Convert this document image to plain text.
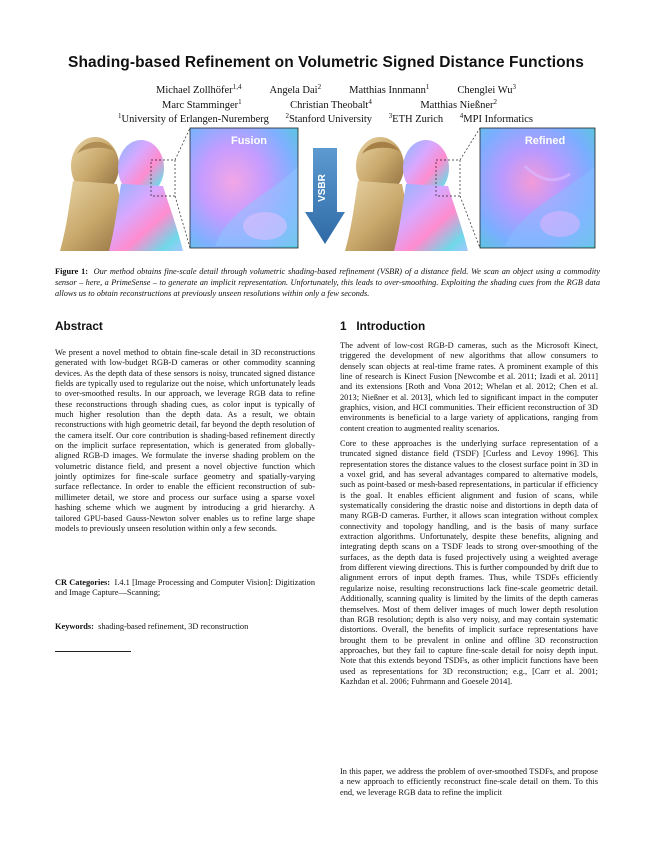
Shading-based Refinement on Volumetric Signed Distance Functions
Michael Zollhöfer$^{1,4}$	Angela Dai$^2$	Matthias Innmann$^1$	Chenglei Wu$^3$
Marc Stamminger$^1$	Christian Theobalt$^4$	Matthias Nießner$^2$
$^1$University of Erlangen-Nuremberg $^2$Stanford University $^3$ETH Zurich $^4$MPI Informatics
Fusion
VSBR
Refined
Figure 1: Our method obtains fine-scale detail through volumetric shading-based refinement (VSBR) of a distance field. We scan an object using a commodity sensor – here, a PrimeSense – to generate an implicit representation. Unfortunately, this leads to over-smoothing. Exploiting the shading cues from the RGB data allows us to obtain reconstructions at previously unseen resolutions within only a few seconds.
Abstract
We present a novel method to obtain fine-scale detail in 3D reconstructions generated with low-budget RGB-D cameras or other commodity scanning devices. As the depth data of these sensors is noisy, truncated signed distance fields are typically used to regularize out the noise, which unfortunately leads to over-smoothed results. In our approach, we leverage RGB data to refine these reconstructions through shading cues, as color input is typically of much higher resolution than the depth data. As a result, we obtain reconstructions with high geometric detail, far beyond the depth resolution of the camera itself. Our core contribution is shading-based refinement directly on the implicit surface representation, which is generated from globally-aligned RGB-D images. We formulate the inverse shading problem on the volumetric distance field, and present a novel objective function which jointly optimizes for fine-scale surface geometry and spatially-varying surface reflectance. In order to enable the efficient reconstruction of sub-millimeter detail, we store and process our surface using a sparse voxel hashing scheme which we augment by introducing a grid hierarchy. A tailored GPU-based Gauss-Newton solver enables us to refine large shape models to previously unseen resolution within only a few seconds.
CR Categories: I.4.1 [Image Processing and Computer Vision]: Digitization and Image Capture—Scanning;
Keywords: shading-based refinement, 3D reconstruction
1   Introduction
The advent of low-cost RGB-D cameras, such as the Microsoft Kinect, triggered the development of new algorithms that allow consumers to densely scan objects at real-time frame rates. A prominent example of this line of research is Kinect Fusion [Newcombe et al. 2011; Izadi et al. 2011] and its extensions [Roth and Vona 2012; Whelan et al. 2012; Chen et al. 2013; Nießner et al. 2013], which led to significant impact in the computer graphics, vision, and HCI communities. Their efficient reconstruction of 3D environments is beneficial to a large variety of applications, ranging from content creation to augmented reality scenarios.
Core to these approaches is the underlying surface representation of a truncated signed distance field (TSDF) [Curless and Levoy 1996]. This representation stores the distance values to the closest surface point in 3D in a voxel grid, and has several advantages compared to alternative models, such as point-based or mesh-based representations, in particular if efficiency is the goal. It enables efficient alignment and fusion of scans, while systematically considering the drastic noise and distortions in depth data of many RGB-D cameras. Further, it allows scan integration without complex connectivity and topology handling, and is the basis of many surface extraction algorithms. Unfortunately, despite these benefits, aligning and integrating depth scans on a TSDF leads to strong over-smoothing of the surfaces, as the depth data is fused projectively using a weighted average from different viewing directions. This is further compounded by drift due to alignment errors of input depth frames. Thus, while TSDFs efficiently regularize noise, resulting reconstructions lack fine-scale geometric detail. Additionally, scanning quality is limited by the limits of the depth cameras themselves. Most of them deliver images of much lower depth resolution than RGB resolution; depth is also very noisy, and may contain systematic distortions. Overall, the benefits of implicit surface representations have brought them to be prevalent in online and offline 3D reconstruction approaches, but they fail to capture fine-scale detail for noisy depth input. Note that this extends beyond TSDFs, as other implicit functions have been used as representations for 3D reconstruction; e.g., [Carr et al. 2001; Kazhdan et al. 2006; Fuhrmann and Goesele 2014].
In this paper, we address the problem of over-smoothed TSDFs, and propose a new approach to efficiently reconstruct fine-scale detail on them. To this end, we leverage RGB data to refine the implicit
